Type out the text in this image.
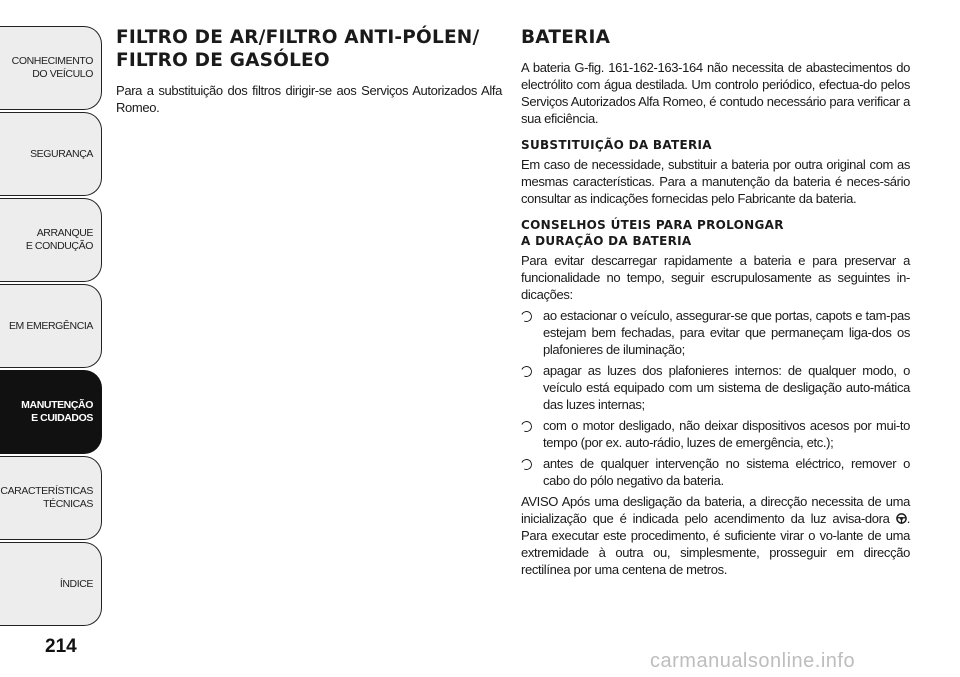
CONHECIMENTO
DO VEÍCULO
SEGURANÇA
ARRANQUE
E CONDUÇÃO
EM EMERGÊNCIA
MANUTENÇÃO
E CUIDADOS
CARACTERÍSTICAS
TÉCNICAS
ÍNDICE
214
FILTRO DE AR/FILTRO ANTI-PÓLEN/
FILTRO DE GASÓLEO

Para a substituição dos filtros dirigir-se aos Serviços Autorizados Alfa Romeo.

BATERIA

A bateria G-fig. 161-162-163-164 não necessita de abastecimentos do electrólito com água destilada. Um controlo periódico, efectua-do pelos Serviços Autorizados Alfa Romeo, é contudo necessário para verificar a sua eficiência.

SUBSTITUIÇÃO DA BATERIA

Em caso de necessidade, substituir a bateria por outra original com as mesmas características. Para a manutenção da bateria é neces-sário consultar as indicações fornecidas pelo Fabricante da bateria.

CONSELHOS ÚTEIS PARA PROLONGAR
A DURAÇÃO DA BATERIA

Para evitar descarregar rapidamente a bateria e para preservar a funcionalidade no tempo, seguir escrupulosamente as seguintes in-dicações:

ao estacionar o veículo, assegurar-se que portas, capots e tam-pas estejam bem fechadas, para evitar que permaneçam liga-dos os plafonieres de iluminação;
apagar as luzes dos plafonieres internos: de qualquer modo, o veículo está equipado com um sistema de desligação auto-mática das luzes internas;
com o motor desligado, não deixar dispositivos acesos por mui-to tempo (por ex. auto-rádio, luzes de emergência, etc.);
antes de qualquer intervenção no sistema eléctrico, remover o cabo do pólo negativo da bateria.

AVISO Após uma desligação da bateria, a direcção necessita de uma inicialização que é indicada pelo acendimento da luz avisa-dora . Para executar este procedimento, é suficiente virar o vo-lante de uma extremidade à outra ou, simplesmente, prosseguir em direcção rectilínea por uma centena de metros.

carmanualsonline.info
